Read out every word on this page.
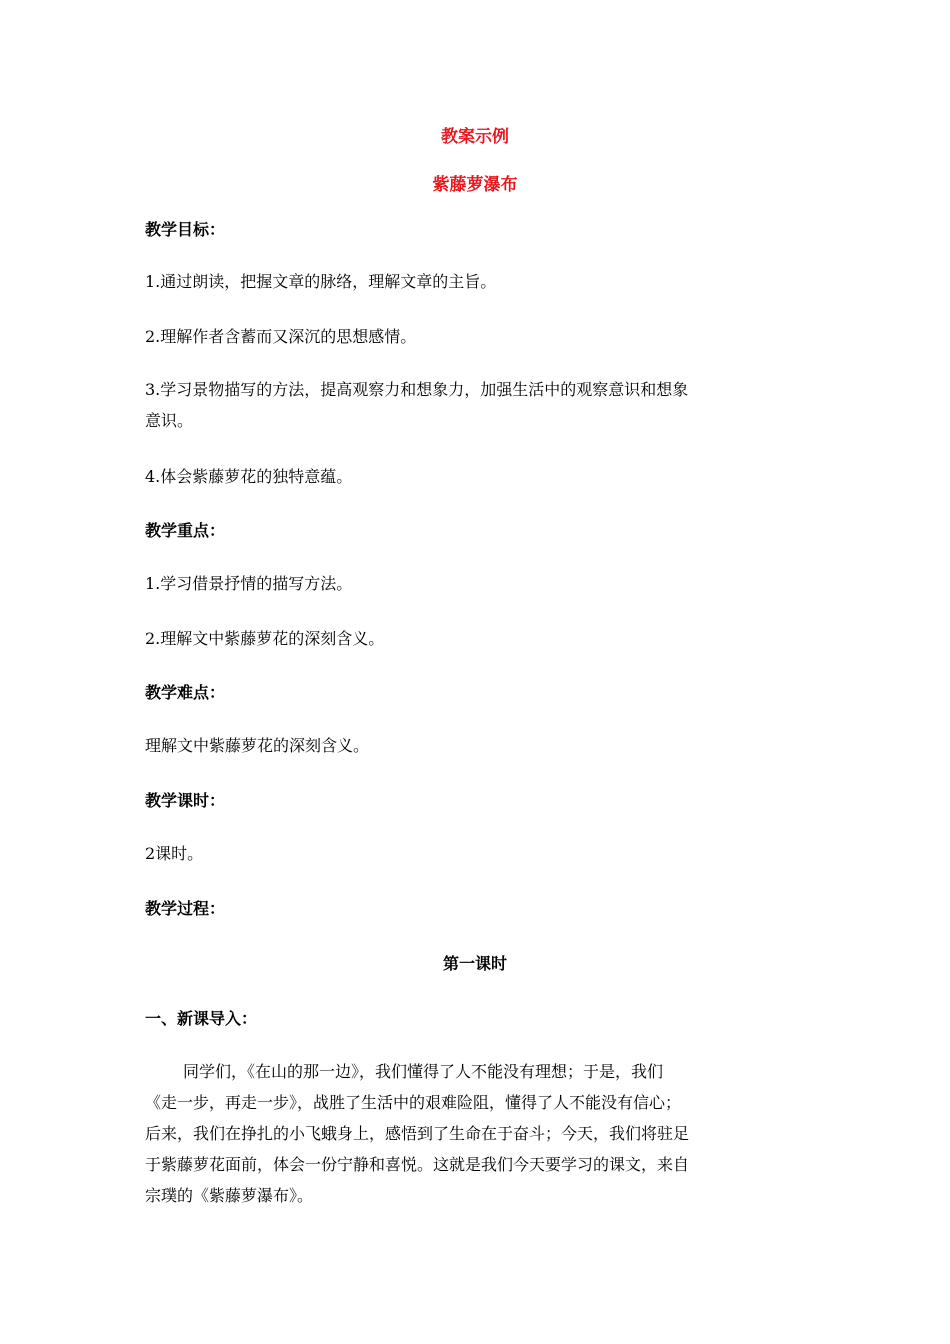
教案示例
紫藤萝瀑布
教学目标：
1.通过朗读，把握文章的脉络，理解文章的主旨。
2.理解作者含蓄而又深沉的思想感情。
3.学习景物描写的方法，提高观察力和想象力，加强生活中的观察意识和想象
意识。
4.体会紫藤萝花的独特意蕴。
教学重点：
1.学习借景抒情的描写方法。
2.理解文中紫藤萝花的深刻含义。
教学难点：
理解文中紫藤萝花的深刻含义。
教学课时：
2课时。
教学过程：
第一课时
一、新课导入：
同学们，《在山的那一边》，我们懂得了人不能没有理想；于是，我们
《走一步，再走一步》，战胜了生活中的艰难险阻，懂得了人不能没有信心；
后来，我们在挣扎的小飞蛾身上，感悟到了生命在于奋斗；今天，我们将驻足
于紫藤萝花面前，体会一份宁静和喜悦。这就是我们今天要学习的课文，来自
宗璞的《紫藤萝瀑布》。
